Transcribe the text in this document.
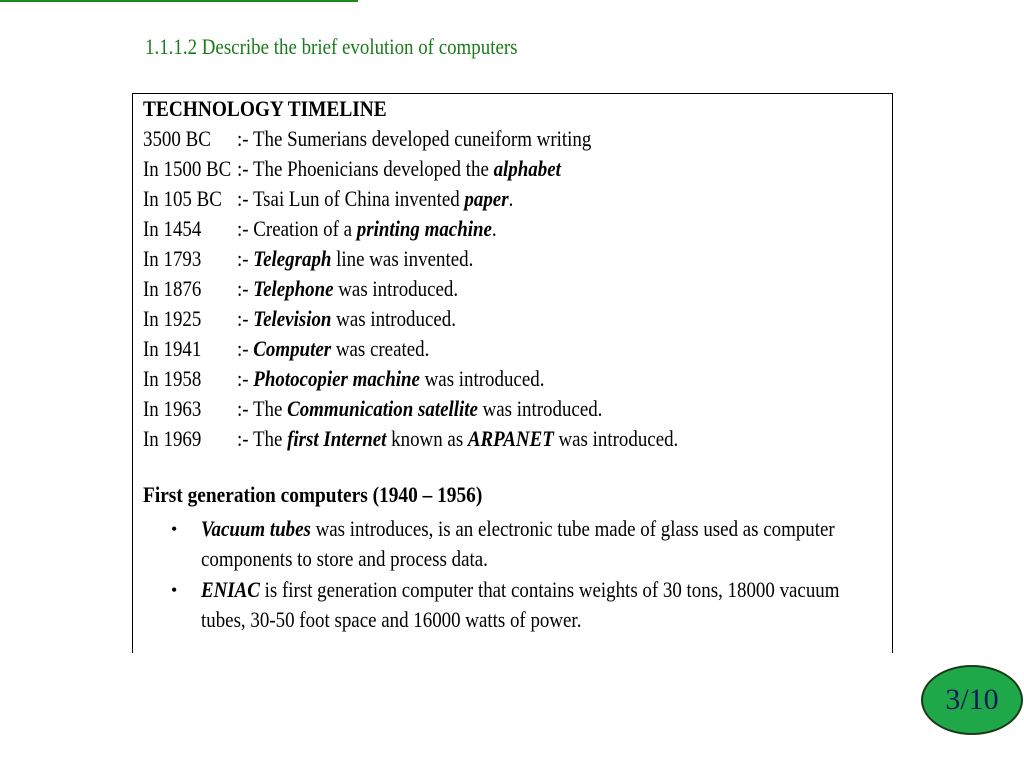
1.1.1.2 Describe the brief evolution of computers
TECHNOLOGY TIMELINE
3500 BC :- The Sumerians developed cuneiform writing
In 1500 BC :- The Phoenicians developed the alphabet
In 105 BC :- Tsai Lun of China invented paper.
In 1454 :- Creation of a printing machine.
In 1793 :- Telegraph line was invented.
In 1876 :- Telephone was introduced.
In 1925 :- Television was introduced.
In 1941 :- Computer was created.
In 1958 :- Photocopier machine was introduced.
In 1963 :- The Communication satellite was introduced.
In 1969 :- The first Internet known as ARPANET was introduced.
First generation computers (1940 – 1956)
• Vacuum tubes was introduces, is an electronic tube made of glass used as computer
components to store and process data.
• ENIAC is first generation computer that contains weights of 30 tons, 18000 vacuum
tubes, 30-50 foot space and 16000 watts of power.
3/10
